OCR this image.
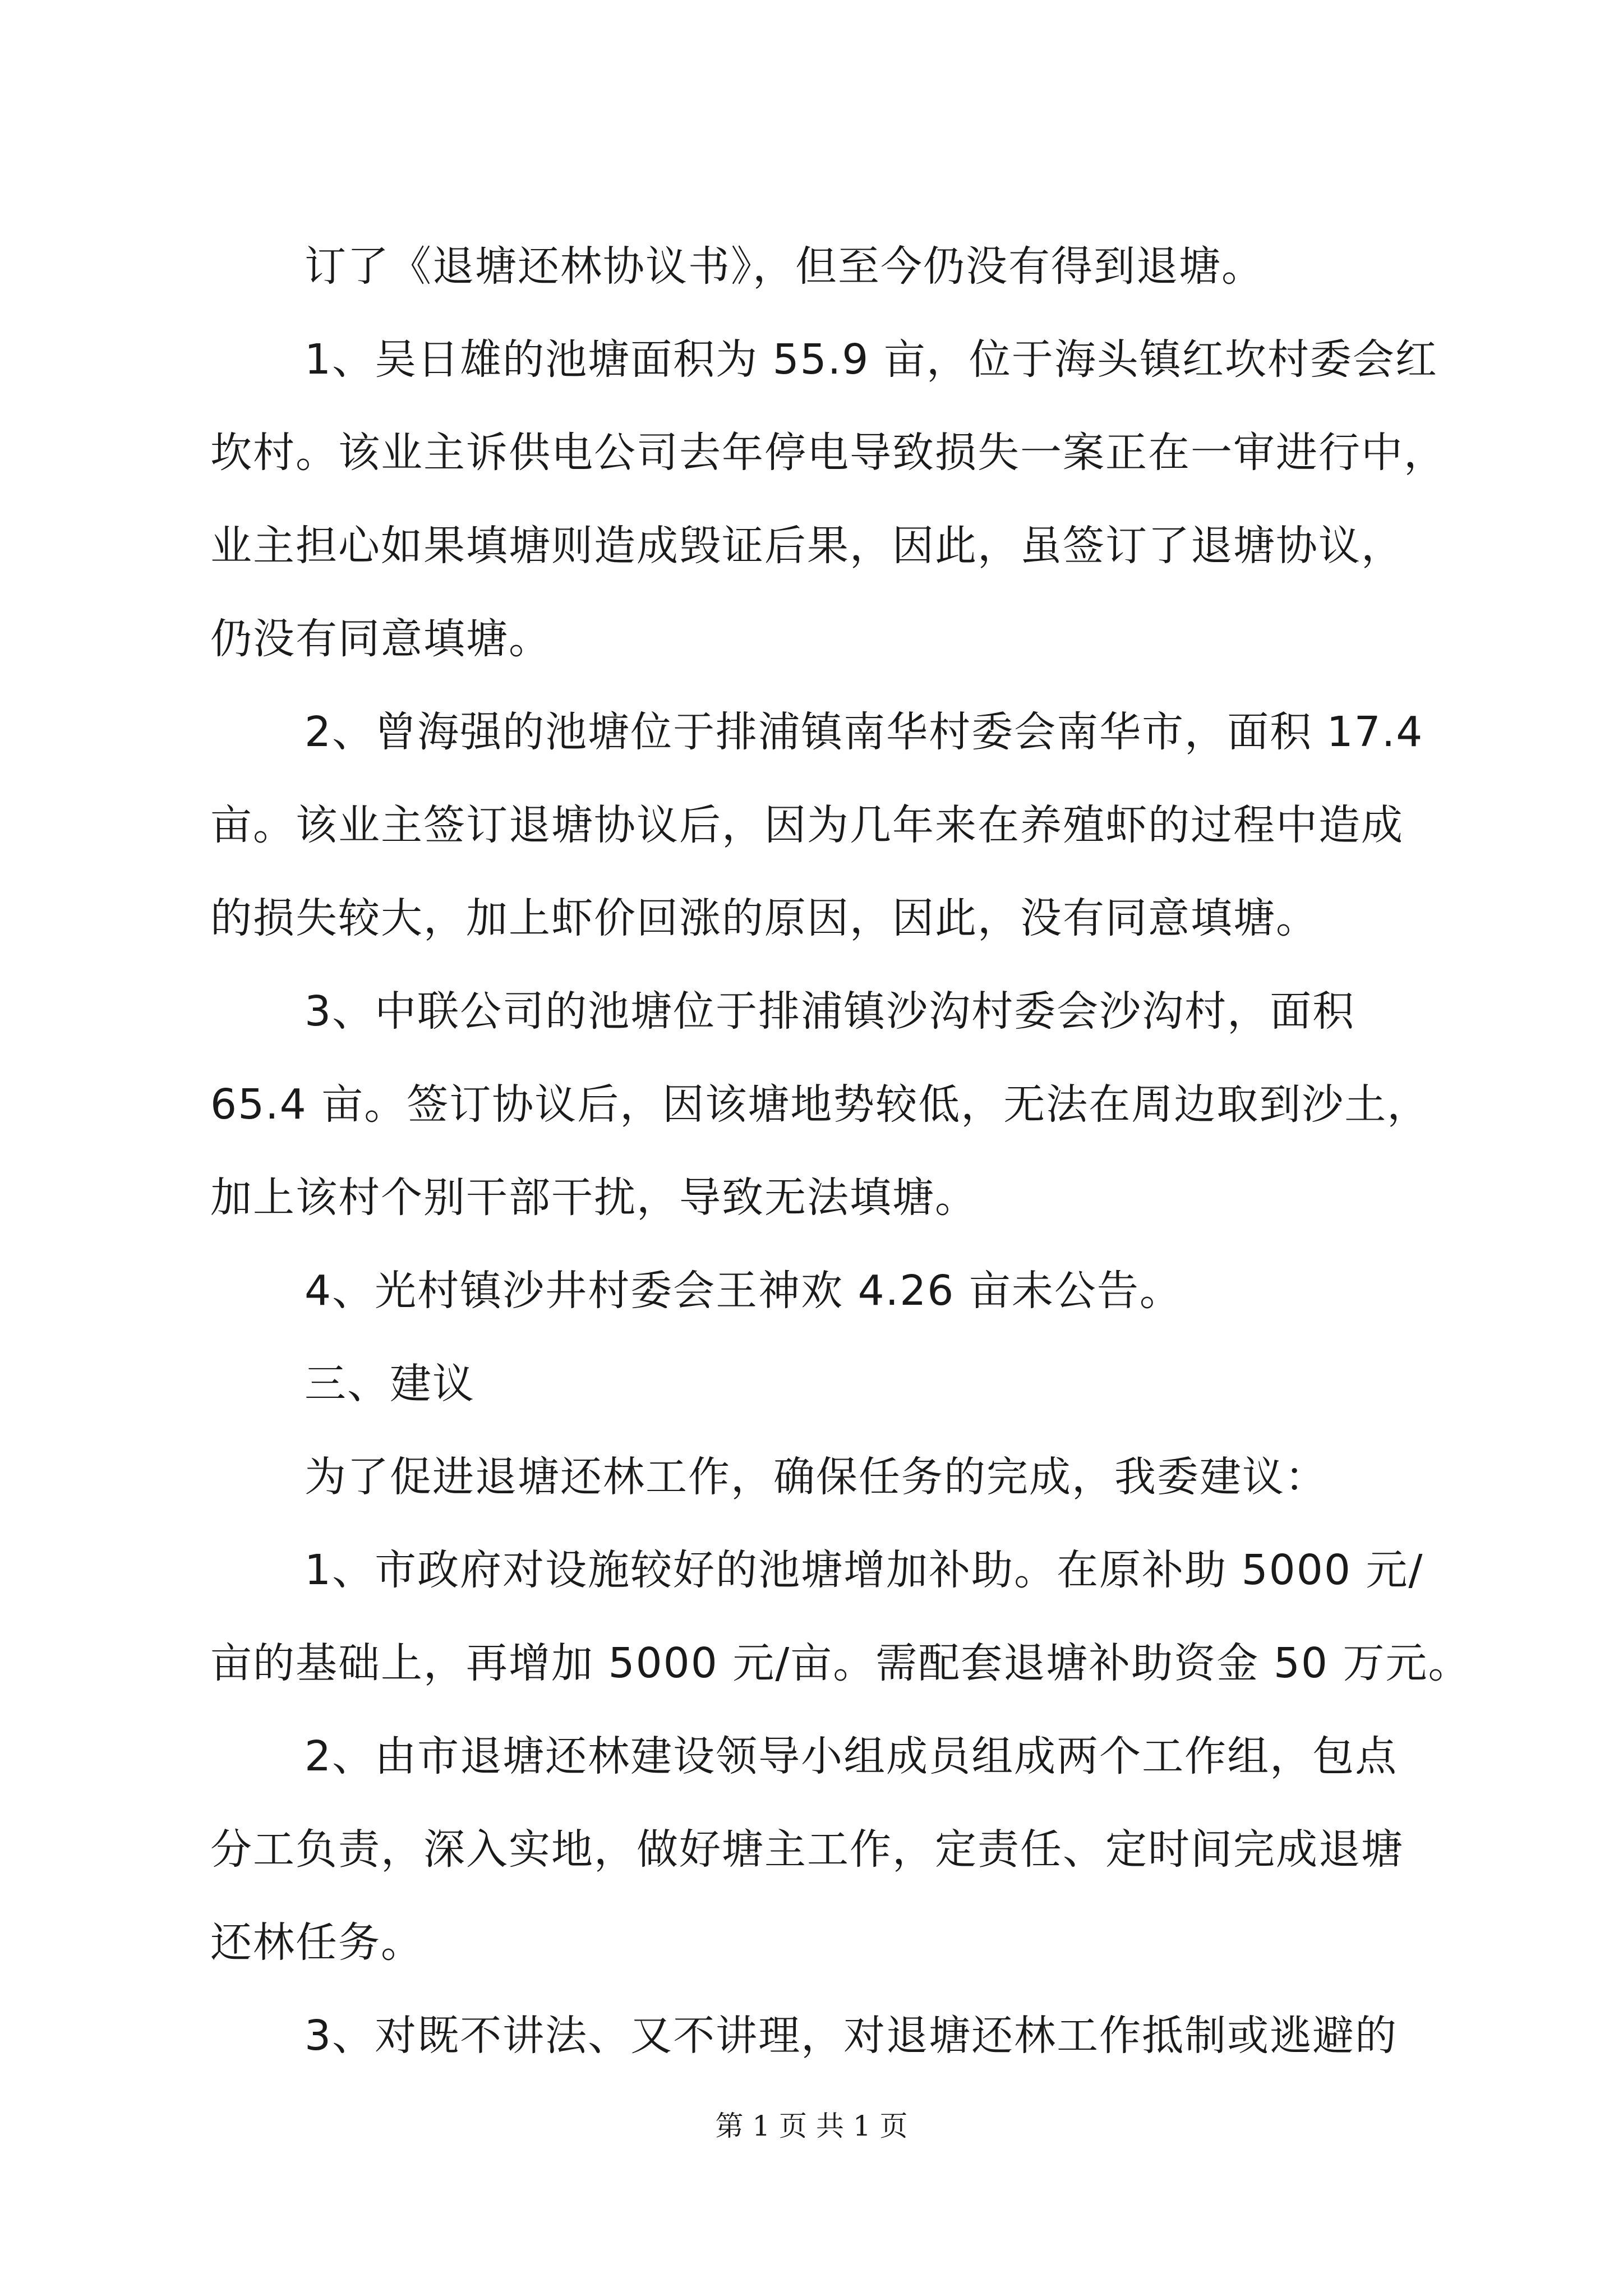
订了《退塘还林协议书》，但至今仍没有得到退塘。

1、吴日雄的池塘面积为 55.9 亩，位于海头镇红坎村委会红

坎村。该业主诉供电公司去年停电导致损失一案正在一审进行中，

业主担心如果填塘则造成毁证后果，因此，虽签订了退塘协议，

仍没有同意填塘。

2、曾海强的池塘位于排浦镇南华村委会南华市，面积 17.4

亩。该业主签订退塘协议后，因为几年来在养殖虾的过程中造成

的损失较大，加上虾价回涨的原因，因此，没有同意填塘。

3、中联公司的池塘位于排浦镇沙沟村委会沙沟村，面积

65.4 亩。签订协议后，因该塘地势较低，无法在周边取到沙土，

加上该村个别干部干扰，导致无法填塘。

4、光村镇沙井村委会王神欢 4.26 亩未公告。

三、建议

为了促进退塘还林工作，确保任务的完成，我委建议：

1、市政府对设施较好的池塘增加补助。在原补助 5000 元/

亩的基础上，再增加 5000 元/亩。需配套退塘补助资金 50 万元。

2、由市退塘还林建设领导小组成员组成两个工作组，包点

分工负责，深入实地，做好塘主工作，定责任、定时间完成退塘

还林任务。

3、对既不讲法、又不讲理，对退塘还林工作抵制或逃避的

第 1 页 共 1 页
